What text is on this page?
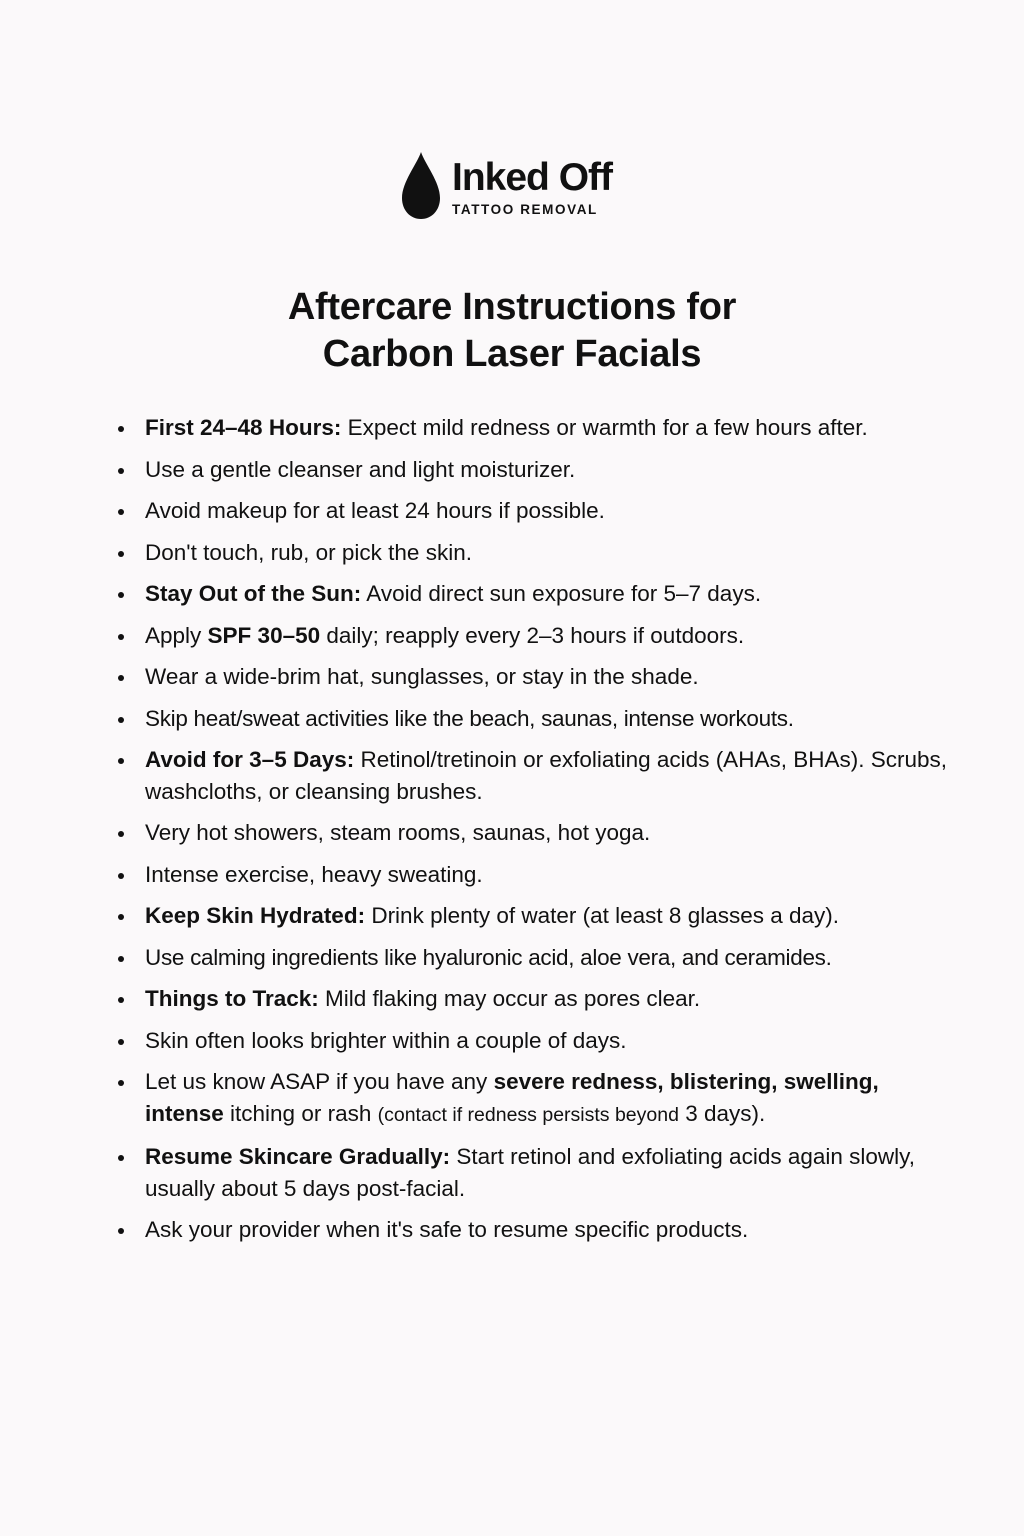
Inked Off
TATTOO REMOVAL
Aftercare Instructions for
Carbon Laser Facials
First 24–48 Hours: Expect mild redness or warmth for a few hours after.
Use a gentle cleanser and light moisturizer.
Avoid makeup for at least 24 hours if possible.
Don't touch, rub, or pick the skin.
Stay Out of the Sun: Avoid direct sun exposure for 5–7 days.
Apply SPF 30–50 daily; reapply every 2–3 hours if outdoors.
Wear a wide-brim hat, sunglasses, or stay in the shade.
Skip heat/sweat activities like the beach, saunas, intense workouts.
Avoid for 3–5 Days: Retinol/tretinoin or exfoliating acids (AHAs, BHAs). Scrubs, washcloths, or cleansing brushes.
Very hot showers, steam rooms, saunas, hot yoga.
Intense exercise, heavy sweating.
Keep Skin Hydrated: Drink plenty of water (at least 8 glasses a day).
Use calming ingredients like hyaluronic acid, aloe vera, and ceramides.
Things to Track: Mild flaking may occur as pores clear.
Skin often looks brighter within a couple of days.
Let us know ASAP if you have any severe redness, blistering, swelling, intense itching or rash (contact if redness persists beyond 3 days).
Resume Skincare Gradually: Start retinol and exfoliating acids again slowly, usually about 5 days post-facial.
Ask your provider when it's safe to resume specific products.
